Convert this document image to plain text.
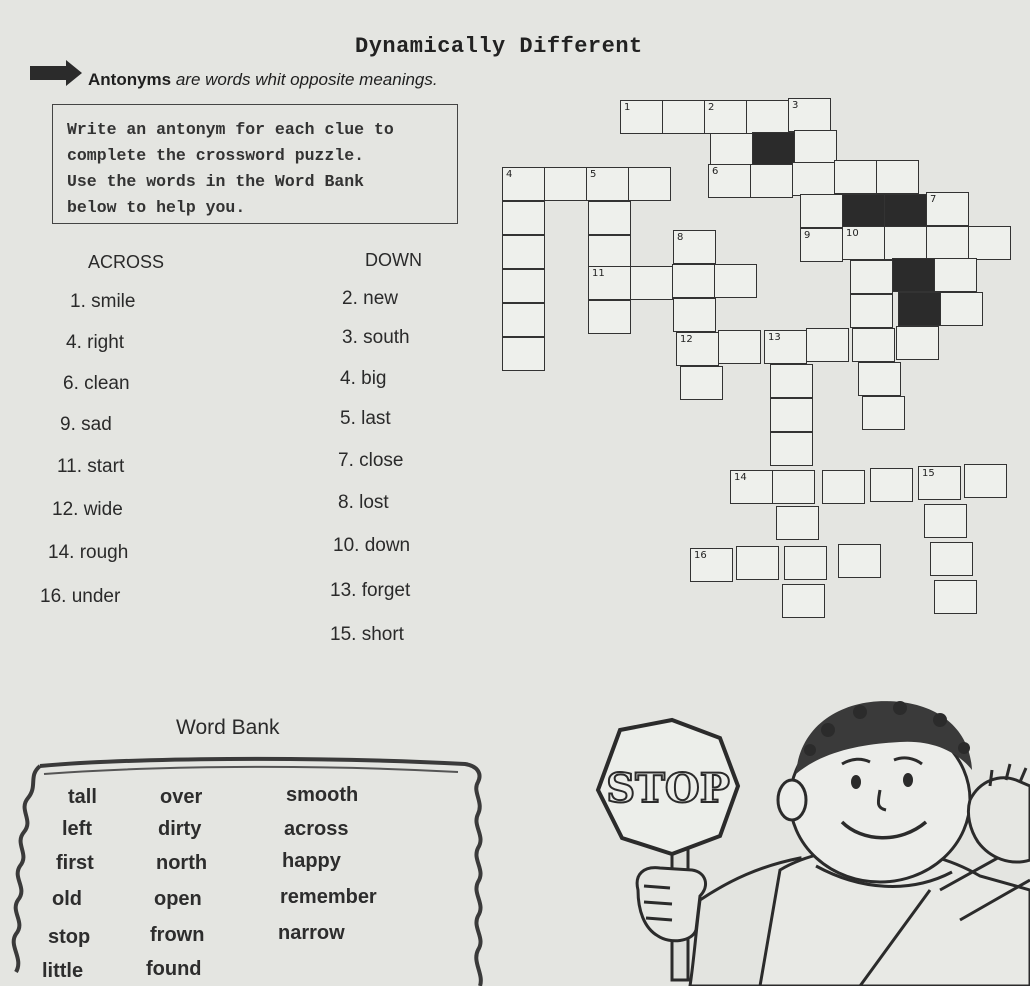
Dynamically Different
Antonyms are words whit opposite meanings.
Write an antonym for each clue to
complete the crossword puzzle.
Use the words in the Word Bank
below to help you.
ACROSS	DOWN
1. smile
4. right
6. clean
9. sad
11. start
12. wide
14. rough
16. under
2. new
3. south
4. big
5. last
7. close
8. lost
10. down
13. forget
15. short
1	2	3
4	5	6
7
11
8	9	10
12	13
14	15
16
Word Bank
tall	over	smooth
left	dirty	across
first	north	happy
old	open	remember
stop	frown	narrow
little	found
STOP
